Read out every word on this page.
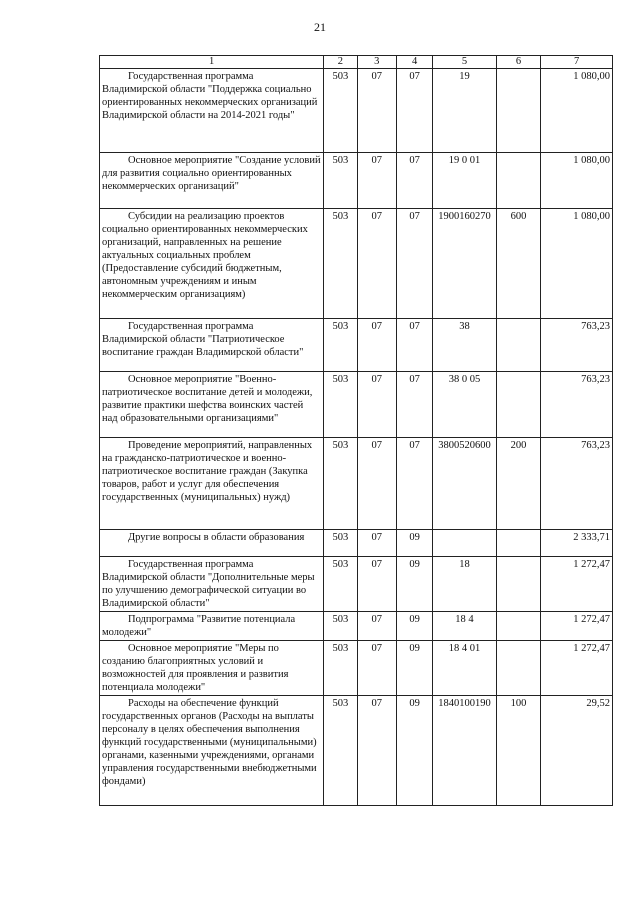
21
1	2	3	4	5	6	7
Государственная программа Владимирской области "Поддержка социально ориентированных некоммерческих организаций Владимирской области на 2014-2021 годы"	503	07	07	19		1 080,00
Основное мероприятие "Создание условий для развития социально ориентированных некоммерческих организаций"	503	07	07	19 0 01		1 080,00
Субсидии на реализацию проектов социально ориентированных некоммерческих организаций, направленных на решение актуальных социальных проблем (Предоставление субсидий бюджетным, автономным учреждениям и иным некоммерческим организациям)	503	07	07	1900160270	600	1 080,00
Государственная программа Владимирской области "Патриотическое воспитание граждан Владимирской области"	503	07	07	38		763,23
Основное мероприятие "Военно-патриотическое воспитание детей и молодежи, развитие практики шефства воинских частей над образовательными организациями"	503	07	07	38 0 05		763,23
Проведение мероприятий, направленных на гражданско-патриотическое и военно-патриотическое воспитание граждан (Закупка товаров, работ и услуг для обеспечения государственных (муниципальных) нужд)	503	07	07	3800520600	200	763,23
Другие вопросы в области образования	503	07	09			2 333,71
Государственная программа Владимирской области "Дополнительные меры по улучшению демографической ситуации во Владимирской области"	503	07	09	18		1 272,47
Подпрограмма "Развитие потенциала молодежи"	503	07	09	18 4		1 272,47
Основное мероприятие "Меры по созданию благоприятных условий и возможностей для проявления и развития потенциала молодежи"	503	07	09	18 4 01		1 272,47
Расходы на обеспечение функций государственных органов (Расходы на выплаты персоналу в целях обеспечения выполнения функций государственными (муниципальными) органами, казенными учреждениями, органами управления государственными внебюджетными фондами)	503	07	09	1840100190	100	29,52
